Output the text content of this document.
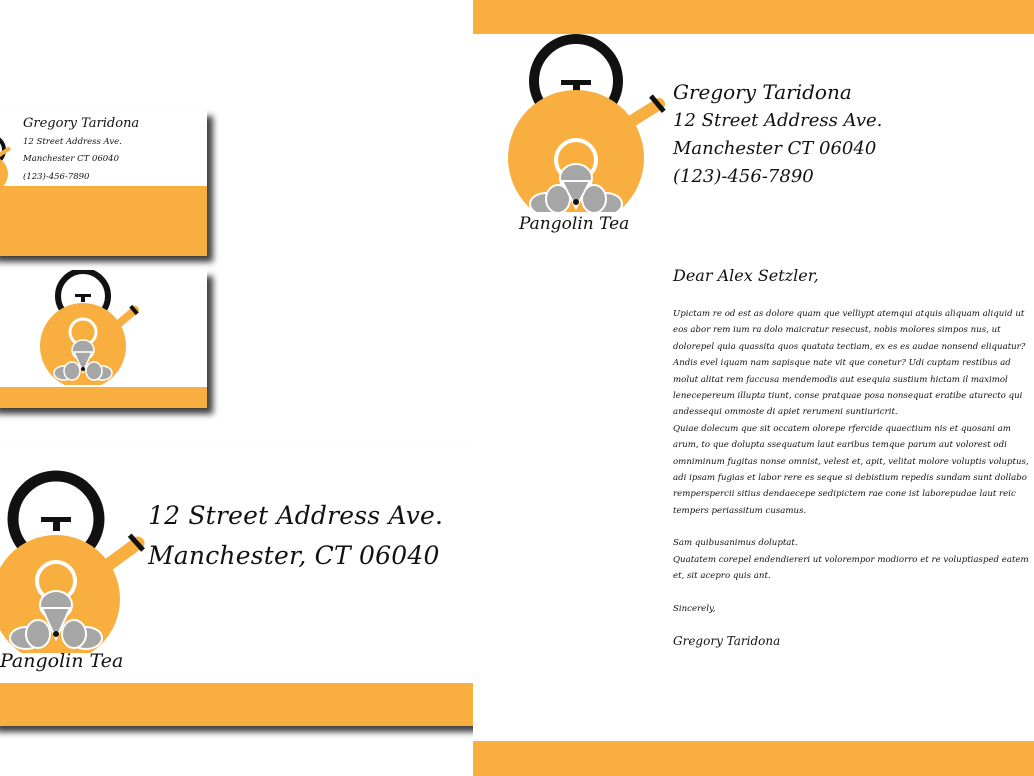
Gregory Taridona
12 Street Address Ave.
Manchester CT 06040
(123)-456-7890
Pangolin Tea
12 Street Address Ave.
Manchester, CT 06040
Pangolin Tea
Gregory Taridona
12 Street Address Ave.
Manchester CT 06040
(123)-456-7890
Dear Alex Setzler,

Upictam re od est as dolore quam que velliypt atemqui atquis aliquam aliquid ut eos abor rem ium ra dolo maicratur resecust, nobis molores simpos nus, ut dolorepel quia quassita quos quatata tectiam, ex es es audae nonsend eliquatur? Andis evel iquam nam sapisque nate vit que conetur? Udi cuptam restibus ad molut alitat rem faccusa mendemodis aut esequia sustium hictam il maximol lenecepereum illupta tiunt, conse pratquae posa nonsequat eratibe aturecto qui andessequi ommoste di apiet rerumeni suntiuricrit.

Quiae dolecum que sit occatem olorepe rfercide quaectium nis et quosani am arum, to que dolupta ssequatum laut earibus temque parum aut volorest odi omniminum fugitas nonse omnist, velest et, apit, velitat molore voluptis voluptus, adi ipsam fugias et labor rere es seque si debistium repedis sundam sunt dollabo remperspercii sitius dendaecepe sedipictem rae cone ist laborepudae laut reic tempers periassitum cusamus.

Sam quibusanimus doluptat.

Quatatem corepel endendiereri ut volorempor modiorro et re voluptiasped eatem et, sit acepro quis ant.

Sincerely,

Gregory Taridona
